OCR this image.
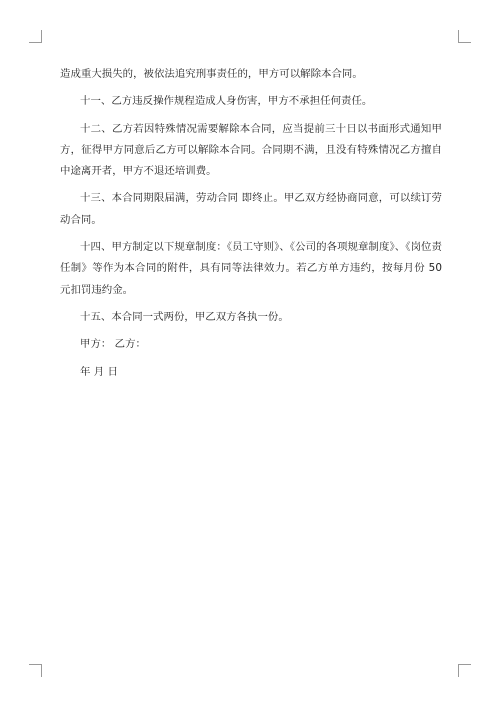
造成重大损失的，被依法追究刑事责任的，甲方可以解除本合同。

十一、乙方违反操作规程造成人身伤害，甲方不承担任何责任。

十二、乙方若因特殊情况需要解除本合同，应当提前三十日以书面形式通知甲方，征得甲方同意后乙方可以解除本合同。合同期不满，且没有特殊情况乙方擅自中途离开者，甲方不退还培训费。

十三、本合同期限届满，劳动合同 即终止。甲乙双方经协商同意，可以续订劳动合同。

十四、甲方制定以下规章制度：《员工守则》、《公司的各项规章制度》、《岗位责任制》等作为本合同的附件，具有同等法律效力。若乙方单方违约，按每月份 50 元扣罚违约金。

十五、本合同一式两份，甲乙双方各执一份。

甲方： 乙方：

年 月 日
